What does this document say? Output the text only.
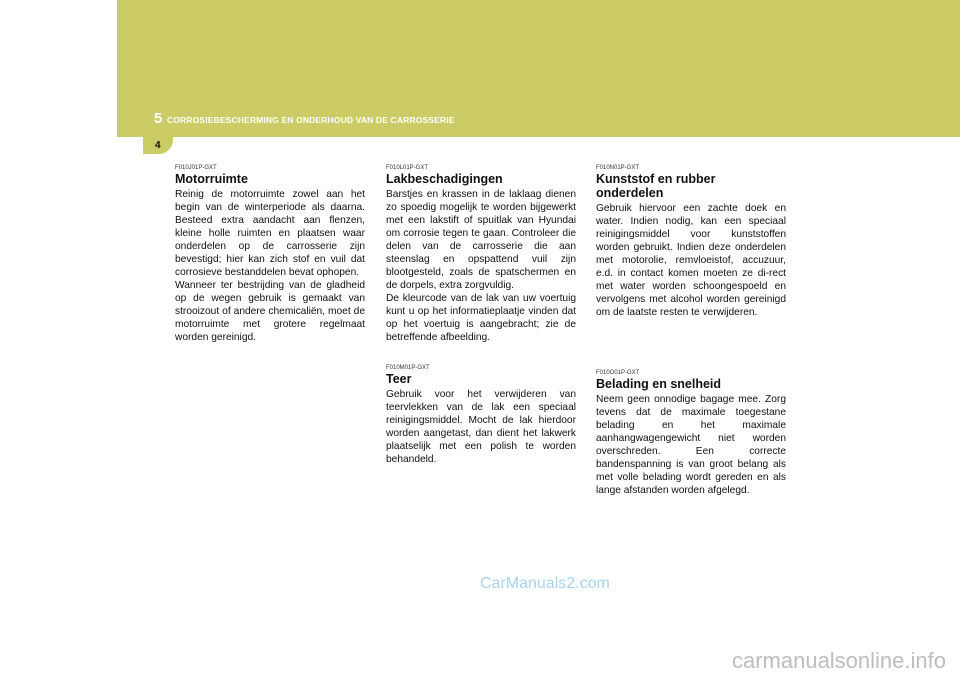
5 CORROSIEBESCHERMING EN ONDERHOUD VAN DE CARROSSERIE
4
F010J01P-GXT
Motorruimte
Reinig de motorruimte zowel aan het begin van de winterperiode als daarna. Besteed extra aandacht aan flenzen, kleine holle ruimten en plaatsen waar onderdelen op de carrosserie zijn bevestigd; hier kan zich stof en vuil dat corrosieve bestanddelen bevat ophopen.
Wanneer ter bestrijding van de gladheid op de wegen gebruik is gemaakt van strooizout of andere chemicaliën, moet de motorruimte met grotere regelmaat worden gereinigd.
F010L01P-GXT
Lakbeschadigingen
Barstjes en krassen in de laklaag dienen zo spoedig mogelijk te worden bijgewerkt met een lakstift of spuitlak van Hyundai om corrosie tegen te gaan. Controleer die delen van de carrosserie die aan steenslag en opspattend vuil zijn blootgesteld, zoals de spatschermen en de dorpels, extra zorgvuldig.
De kleurcode van de lak van uw voertuig kunt u op het informatieplaatje vinden dat op het voertuig is aangebracht; zie de betreffende afbeelding.
F010M01P-GXT
Teer
Gebruik voor het verwijderen van teervlekken van de lak een speciaal reinigingsmiddel. Mocht de lak hierdoor worden aangetast, dan dient het lakwerk plaatselijk met een polish te worden behandeld.
F010N01P-GXT
Kunststof en rubber onderdelen
Gebruik hiervoor een zachte doek en water. Indien nodig, kan een speciaal reinigingsmiddel voor kunststoffen worden gebruikt. Indien deze onderdelen met motorolie, remvloeistof, accuzuur, e.d. in contact komen moeten ze di-rect met water worden schoongespoeld en vervolgens met alcohol worden gereinigd om de laatste resten te verwijderen.
F010O01P-GXT
Belading en snelheid
Neem geen onnodige bagage mee. Zorg tevens dat de maximale toegestane belading en het maximale aanhangwagengewicht niet worden overschreden. Een correcte bandenspanning is van groot belang als met volle belading wordt gereden en als lange afstanden worden afgelegd.
CarManuals2.com
carmanualsonline.info
